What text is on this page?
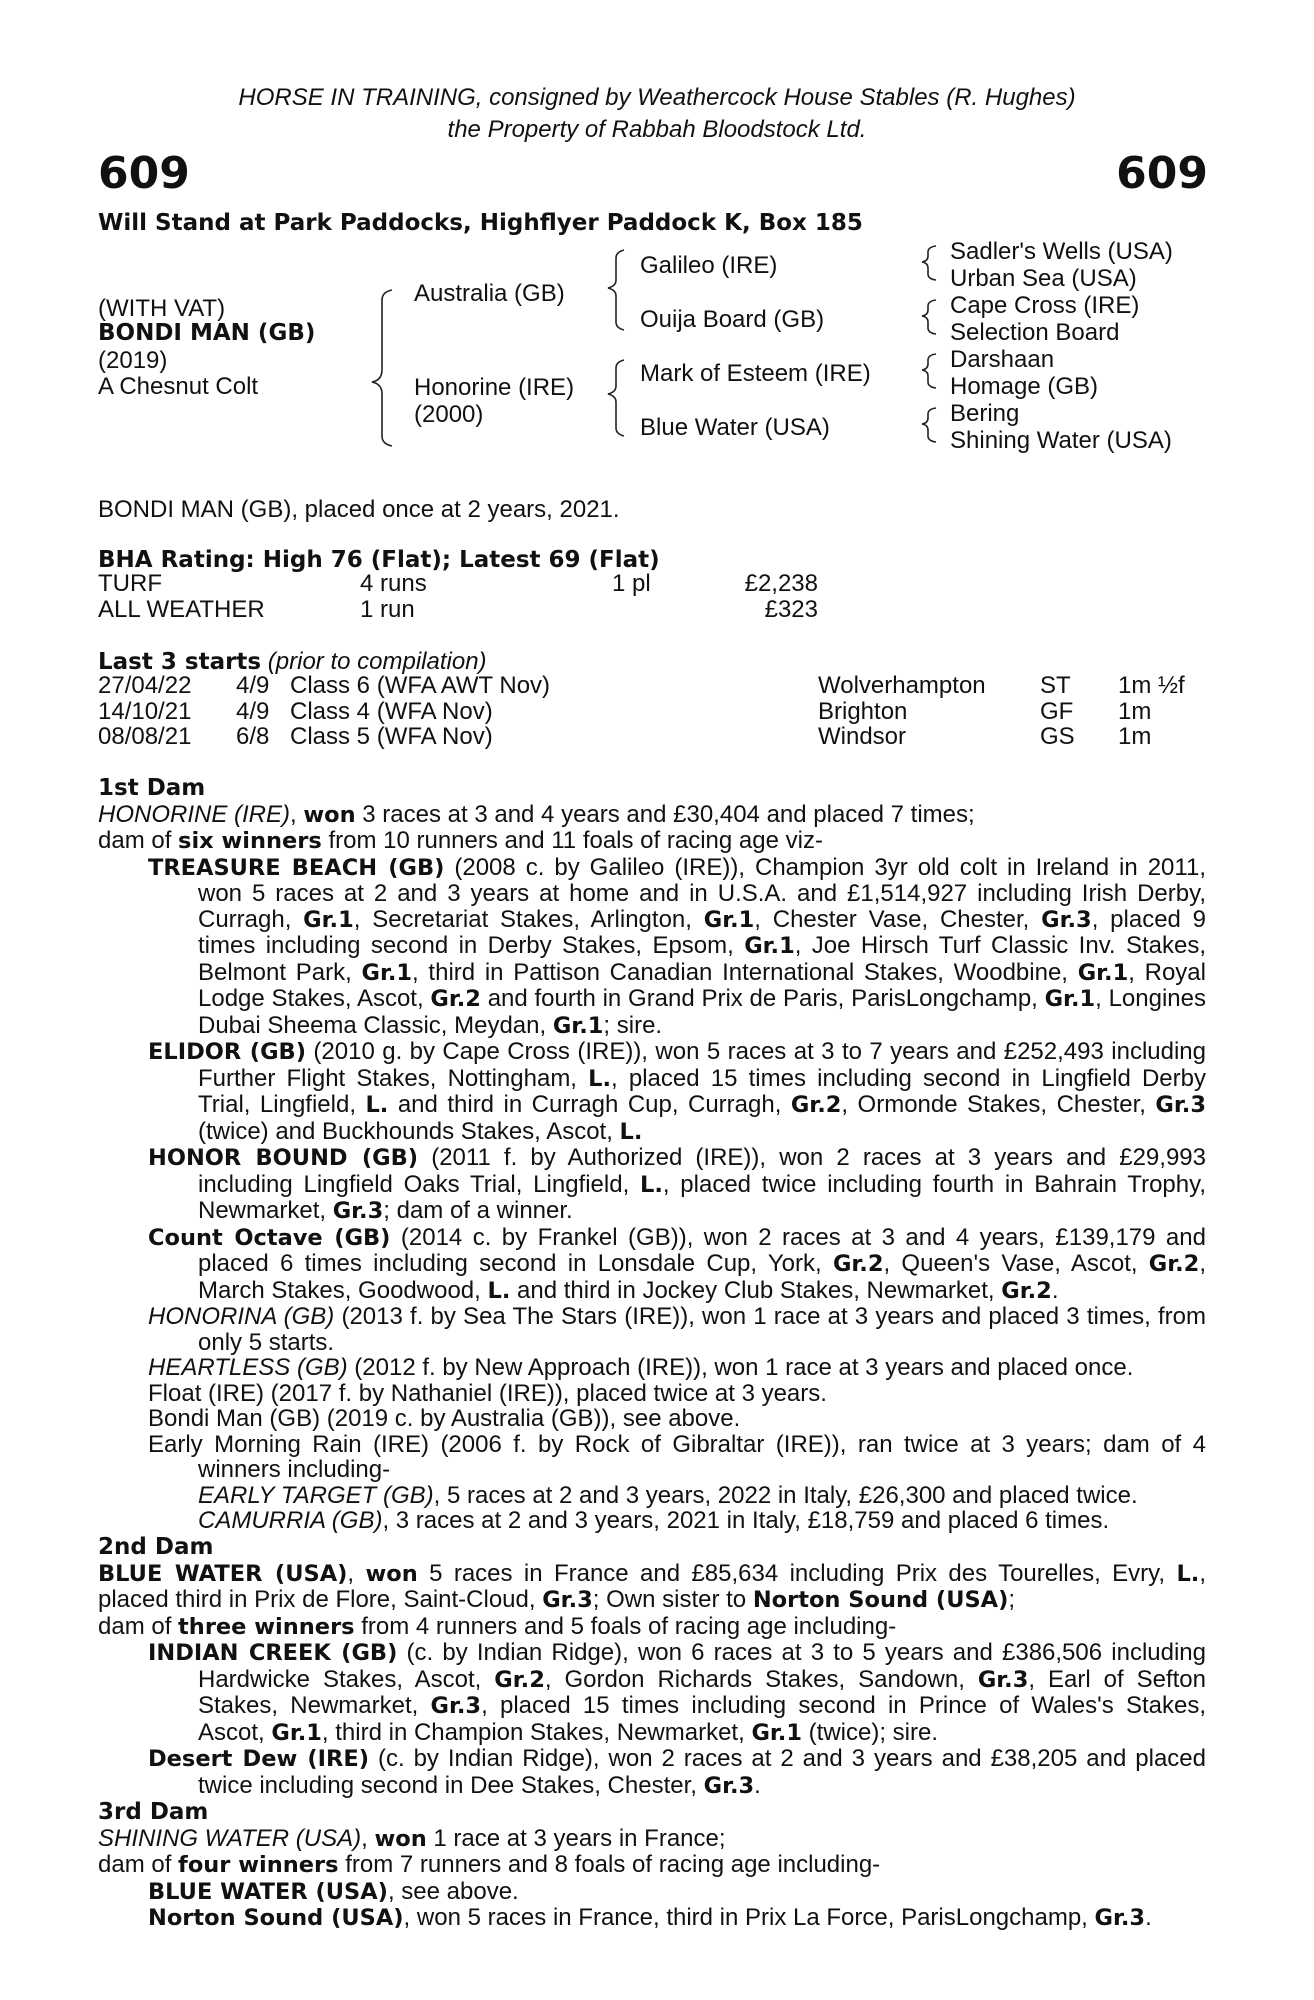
HORSE IN TRAINING, consigned by Weathercock House Stables (R. Hughes)
the Property of Rabbah Bloodstock Ltd.
609	609
Will Stand at Park Paddocks, Highflyer Paddock K, Box 185
(WITH VAT)
BONDI MAN (GB)
(2019)
A Chesnut Colt
Australia (GB)
Honorine (IRE)
(2000)
Galileo (IRE)
Ouija Board (GB)
Mark of Esteem (IRE)
Blue Water (USA)
Sadler's Wells (USA)
Urban Sea (USA)
Cape Cross (IRE)
Selection Board
Darshaan
Homage (GB)
Bering
Shining Water (USA)
BONDI MAN (GB), placed once at 2 years, 2021.
BHA Rating: High 76 (Flat); Latest 69 (Flat)
TURF	4 runs	1 pl	£2,238
ALL WEATHER	1 run		£323
Last 3 starts (prior to compilation)
27/04/22	4/9	Class 6 (WFA AWT Nov)	Wolverhampton	ST	1m ½f
14/10/21	4/9	Class 4 (WFA Nov)	Brighton	GF	1m
08/08/21	6/8	Class 5 (WFA Nov)	Windsor	GS	1m

1st Dam

HONORINE (IRE), won 3 races at 3 and 4 years and £30,404 and placed 7 times;

dam of six winners from 10 runners and 11 foals of racing age viz-

TREASURE BEACH (GB) (2008 c. by Galileo (IRE)), Champion 3yr old colt in Ireland in 2011, won 5 races at 2 and 3 years at home and in U.S.A. and £1,514,927 including Irish Derby, Curragh, Gr.1, Secretariat Stakes, Arlington, Gr.1, Chester Vase, Chester, Gr.3, placed 9 times including second in Derby Stakes, Epsom, Gr.1, Joe Hirsch Turf Classic Inv. Stakes, Belmont Park, Gr.1, third in Pattison Canadian International Stakes, Woodbine, Gr.1, Royal Lodge Stakes, Ascot, Gr.2 and fourth in Grand Prix de Paris, ParisLongchamp, Gr.1, Longines Dubai Sheema Classic, Meydan, Gr.1; sire.

ELIDOR (GB) (2010 g. by Cape Cross (IRE)), won 5 races at 3 to 7 years and £252,493 including Further Flight Stakes, Nottingham, L., placed 15 times including second in Lingfield Derby Trial, Lingfield, L. and third in Curragh Cup, Curragh, Gr.2, Ormonde Stakes, Chester, Gr.3 (twice) and Buckhounds Stakes, Ascot, L.

HONOR BOUND (GB) (2011 f. by Authorized (IRE)), won 2 races at 3 years and £29,993 including Lingfield Oaks Trial, Lingfield, L., placed twice including fourth in Bahrain Trophy, Newmarket, Gr.3; dam of a winner.

Count Octave (GB) (2014 c. by Frankel (GB)), won 2 races at 3 and 4 years, £139,179 and placed 6 times including second in Lonsdale Cup, York, Gr.2, Queen's Vase, Ascot, Gr.2, March Stakes, Goodwood, L. and third in Jockey Club Stakes, Newmarket, Gr.2.

HONORINA (GB) (2013 f. by Sea The Stars (IRE)), won 1 race at 3 years and placed 3 times, from only 5 starts.

HEARTLESS (GB) (2012 f. by New Approach (IRE)), won 1 race at 3 years and placed once.

Float (IRE) (2017 f. by Nathaniel (IRE)), placed twice at 3 years.

Bondi Man (GB) (2019 c. by Australia (GB)), see above.

Early Morning Rain (IRE) (2006 f. by Rock of Gibraltar (IRE)), ran twice at 3 years; dam of 4 winners including-

EARLY TARGET (GB), 5 races at 2 and 3 years, 2022 in Italy, £26,300 and placed twice.

CAMURRIA (GB), 3 races at 2 and 3 years, 2021 in Italy, £18,759 and placed 6 times.

2nd Dam

BLUE WATER (USA), won 5 races in France and £85,634 including Prix des Tourelles, Evry, L., placed third in Prix de Flore, Saint-Cloud, Gr.3; Own sister to Norton Sound (USA);

dam of three winners from 4 runners and 5 foals of racing age including-

INDIAN CREEK (GB) (c. by Indian Ridge), won 6 races at 3 to 5 years and £386,506 including Hardwicke Stakes, Ascot, Gr.2, Gordon Richards Stakes, Sandown, Gr.3, Earl of Sefton Stakes, Newmarket, Gr.3, placed 15 times including second in Prince of Wales's Stakes, Ascot, Gr.1, third in Champion Stakes, Newmarket, Gr.1 (twice); sire.

Desert Dew (IRE) (c. by Indian Ridge), won 2 races at 2 and 3 years and £38,205 and placed twice including second in Dee Stakes, Chester, Gr.3.

3rd Dam

SHINING WATER (USA), won 1 race at 3 years in France;

dam of four winners from 7 runners and 8 foals of racing age including-

BLUE WATER (USA), see above.

Norton Sound (USA), won 5 races in France, third in Prix La Force, ParisLongchamp, Gr.3.
